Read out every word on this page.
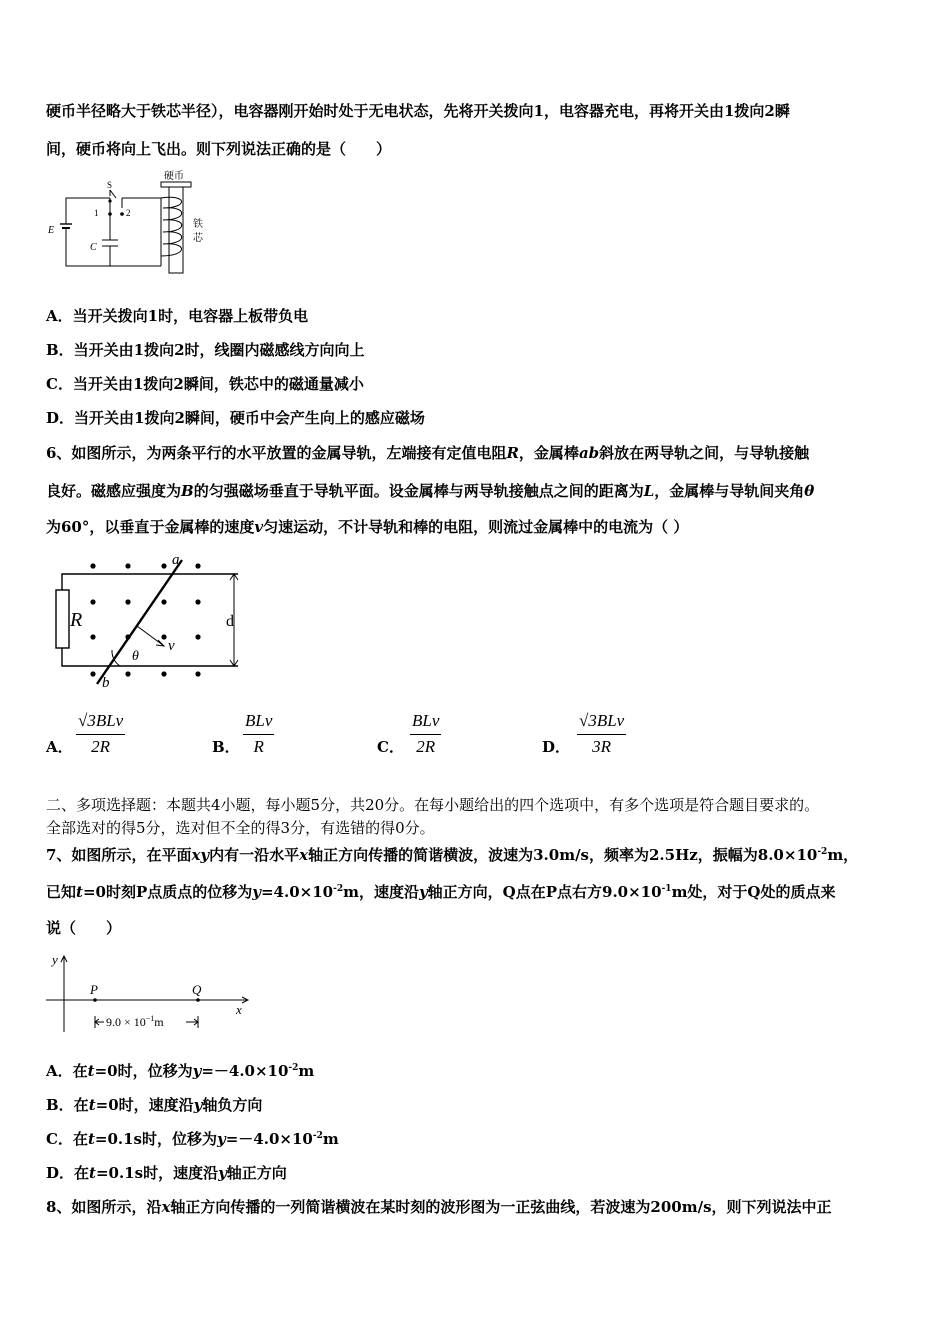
硬币半径略大于铁芯半径），电容器刚开始时处于无电状态，先将开关拨向1，电容器充电，再将开关由1拨向2瞬
间，硬币将向上飞出。则下列说法正确的是（　　）
硬币
S
1	2
E
C
铁
芯
A．当开关拨向1时，电容器上板带负电
B．当开关由1拨向2时，线圈内磁感线方向向上
C．当开关由1拨向2瞬间，铁芯中的磁通量减小
D．当开关由1拨向2瞬间，硬币中会产生向上的感应磁场
6、如图所示，为两条平行的水平放置的金属导轨，左端接有定值电阻R，金属棒ab斜放在两导轨之间，与导轨接触
良好。磁感应强度为B的匀强磁场垂直于导轨平面。设金属棒与两导轨接触点之间的距离为L，金属棒与导轨间夹角θ
为60°，以垂直于金属棒的速度v匀速运动，不计导轨和棒的电阻，则流过金属棒中的电流为（ ）
R
a
b
v
θ
d
A．
√3BLv
2R	B．
BLv
R	C．
BLv
2R	D．
√3BLv
3R
二、多项选择题：本题共4小题，每小题5分，共20分。在每小题给出的四个选项中，有多个选项是符合题目要求的。
全部选对的得5分，选对但不全的得3分，有选错的得0分。
7、如图所示，在平面xy内有一沿水平x轴正方向传播的简谐横波，波速为3.0m/s，频率为2.5Hz，振幅为$8.0\times 10^{-2}m$，
已知t=0时刻P点质点的位移为$y=4.0\times 10^{-2}m$，速度沿y轴正方向，Q点在P点右方$9.0\times 10^{-1}m$处，对于Q处的质点来
说（　　）
y
x
P	Q
$9.0 \times 10^{-1}m$
A．在t=0时，位移为$y=-4.0\times 10^{-2}m$
B．在t=0时，速度沿y轴负方向
C．在t=0.1s时，位移为$y=-4.0\times 10^{-2}m$
D．在t=0.1s时，速度沿y轴正方向
8、如图所示，沿x轴正方向传播的一列简谐横波在某时刻的波形图为一正弦曲线，若波速为200m/s，则下列说法中正
